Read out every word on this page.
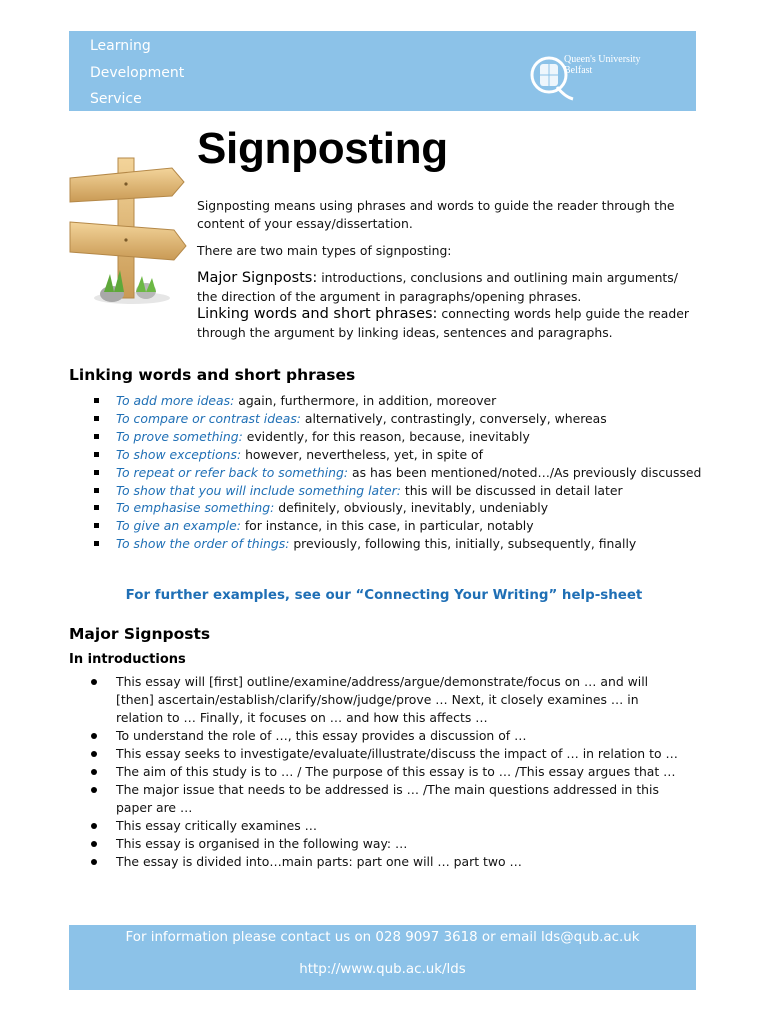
Learning
Development
Service
Queen's University
Belfast
Signposting

Signposting means using phrases and words to guide the reader through the content of your essay/dissertation.

There are two main types of signposting:

Major Signposts: introductions, conclusions and outlining main arguments/ the direction of the argument in paragraphs/opening phrases.

Linking words and short phrases: connecting words help guide the reader through the argument by linking ideas, sentences and paragraphs.

Linking words and short phrases
To add more ideas: again, furthermore, in addition, moreover
To compare or contrast ideas: alternatively, contrastingly, conversely, whereas
To prove something: evidently, for this reason, because, inevitably
To show exceptions: however, nevertheless, yet, in spite of
To repeat or refer back to something: as has been mentioned/noted…/As previously discussed
To show that you will include something later: this will be discussed in detail later
To emphasise something: definitely, obviously, inevitably, undeniably
To give an example: for instance, in this case, in particular, notably
To show the order of things: previously, following this, initially, subsequently, finally

For further examples, see our “Connecting Your Writing” help-sheet

Major Signposts
In introductions
This essay will [first] outline/examine/address/argue/demonstrate/focus on … and will [then] ascertain/establish/clarify/show/judge/prove … Next, it closely examines … in relation to … Finally, it focuses on … and how this affects …
To understand the role of …, this essay provides a discussion of …
This essay seeks to investigate/evaluate/illustrate/discuss the impact of … in relation to …
The aim of this study is to … / The purpose of this essay is to … /This essay argues that …
The major issue that needs to be addressed is … /The main questions addressed in this paper are …
This essay critically examines …
This essay is organised in the following way: …
The essay is divided into…main parts: part one will … part two …
For information please contact us on 028 9097 3618 or email lds@qub.ac.uk
http://www.qub.ac.uk/lds
